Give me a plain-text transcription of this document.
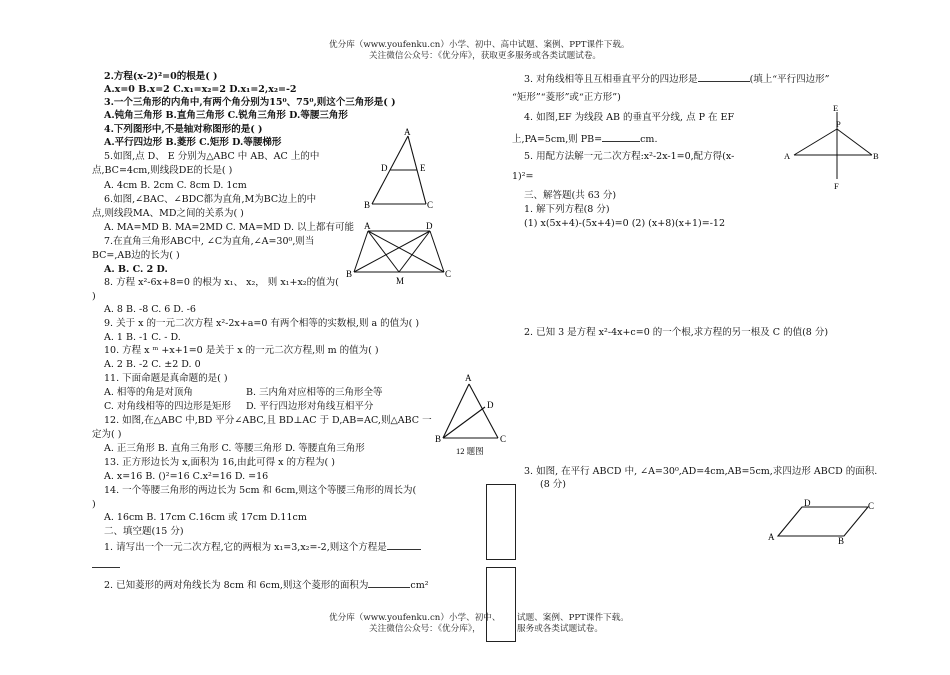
优分库（www.youfenku.cn）小学、初中、高中试题、案例、PPT课件下载。
关注微信公众号：《优分库》，获取更多服务或各类试题试卷。
2.方程(x-2)²=0的根是( )
A.x=0 B.x=2 C.x₁=x₂=2 D.x₁=2,x₂=-2
3.一个三角形的内角中,有两个角分别为15⁰、75⁰,则这个三角形是( )
A.钝角三角形 B.直角三角形 C.锐角三角形 D.等腰三角形
4.下列图形中,不是轴对称图形的是( )
A.平行四边形 B.菱形 C.矩形 D.等腰梯形
5.如图,点 D、 E 分别为△ABC 中 AB、AC 上的中
点,BC=4cm,则线段DE的长是( )
A. 4cm B. 2cm C. 8cm D. 1cm
6.如图,∠BAC、∠BDC都为直角,M为BC边上的中
点,则线段MA、MD之间的关系为( )
A. MA=MD B. MA=2MD C. MA=MD D. 以上都有可能
7.在直角三角形ABC中, ∠C为直角,∠A=30⁰,则当
BC=,AB边的长为( )
A. B. C. 2 D.
8. 方程 x²-6x+8=0 的根为 x₁、 x₂， 则 x₁+x₂的值为(
)
A. 8 B. -8 C. 6 D. -6
9. 关于 x 的一元二次方程 x²-2x+a=0 有两个相等的实数根,则 a 的值为( )
A. 1 B. -1 C. - D.
10. 方程 x ᵐ +x+1=0 是关于 x 的一元二次方程,则 m 的值为( )
A. 2 B. -2 C. ±2 D. 0
11. 下面命题是真命题的是( )
A. 相等的角是对顶角	B. 三内角对应相等的三角形全等
C. 对角线相等的四边形是矩形 D. 平行四边形对角线互相平分
12. 如图,在△ABC 中,BD 平分∠ABC,且 BD⊥AC 于 D,AB=AC,则△ABC 一
定为( )
A. 正三角形 B. 直角三角形 C. 等腰三角形 D. 等腰直角三角形
13. 正方形边长为 x,面积为 16,由此可得 x 的方程为( )
A. x=16 B. ()²=16 C.x²=16 D. =16
14. 一个等腰三角形的两边长为 5cm 和 6cm,则这个等腰三角形的周长为(
)
A. 16cm B. 17cm C.16cm 或 17cm D.11cm
二、填空题(15 分)
1. 请写出一个一元二次方程,它的两根为 x₁=3,x₂=-2,则这个方程是
2. 已知菱形的两对角线长为 8cm 和 6cm,则这个菱形的面积为	cm²
A
D	E
B	C
A	D
B
M
C
A
D
B	C
12 题图
3. 对角线相等且互相垂直平分的四边形是	(填上“平行四边形”
“矩形”“菱形”或“正方形”)
4. 如图,EF 为线段 AB 的垂直平分线, 点 P 在 EF
上,PA=5cm,则 PB=	cm.
5. 用配方法解一元二次方程:x²-2x-1=0,配方得(x-
1)²=
三、解答题(共 63 分)
1. 解下列方程(8 分)
(1) x(5x+4)-(5x+4)=0 (2) (x+8)(x+1)=-12
2. 已知 3 是方程 x²-4x+c=0 的一个根,求方程的另一根及 C 的值(8 分)
3. 如图, 在平行 ABCD 中, ∠A=30⁰,AD=4cm,AB=5cm,求四边形 ABCD 的面积.
(8 分)
E
P
A	B
F
A
D	C
B
优分库（www.youfenku.cn）小学、初中、 试题、案例、PPT课件下载。
关注微信公众号：《优分库》，	服务或各类试题试卷。
